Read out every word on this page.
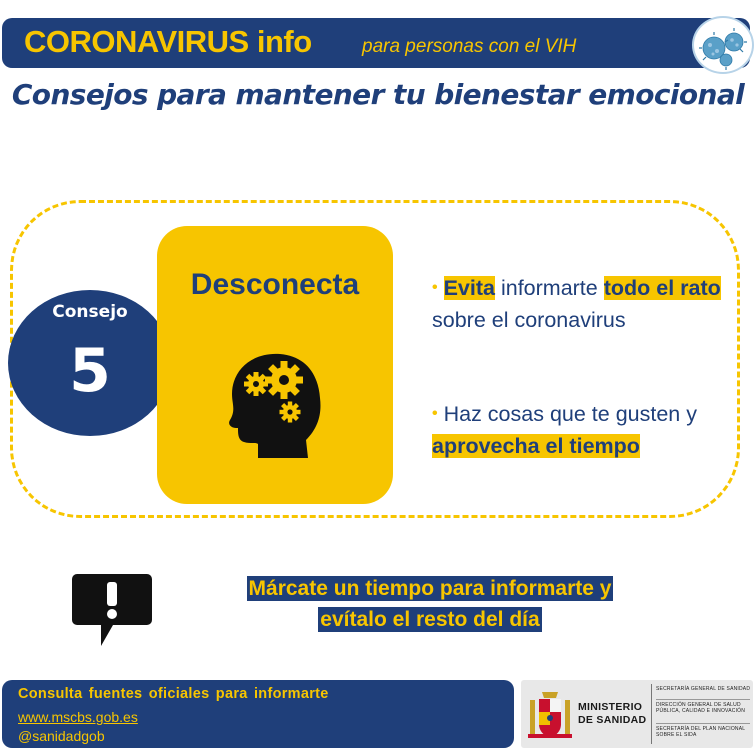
CORONAVIRUS info	para personas con el VIH
Consejos para mantener tu bienestar emocional
Consejo
5
Desconecta	• Evita informarte todo el rato sobre el coronavirus
• Haz cosas que te gusten y aprovecha el tiempo
Márcate un tiempo para informarte y
evítalo el resto del día
Consulta fuentes oficiales para informarte
www.mscbs.gob.es
@sanidadgob
MINISTERIO
DE SANIDAD
SECRETARÍA GENERAL DE SANIDAD
DIRECCIÓN GENERAL DE SALUD PÚBLICA, CALIDAD E INNOVACIÓN
SECRETARÍA DEL PLAN NACIONAL SOBRE EL SIDA
